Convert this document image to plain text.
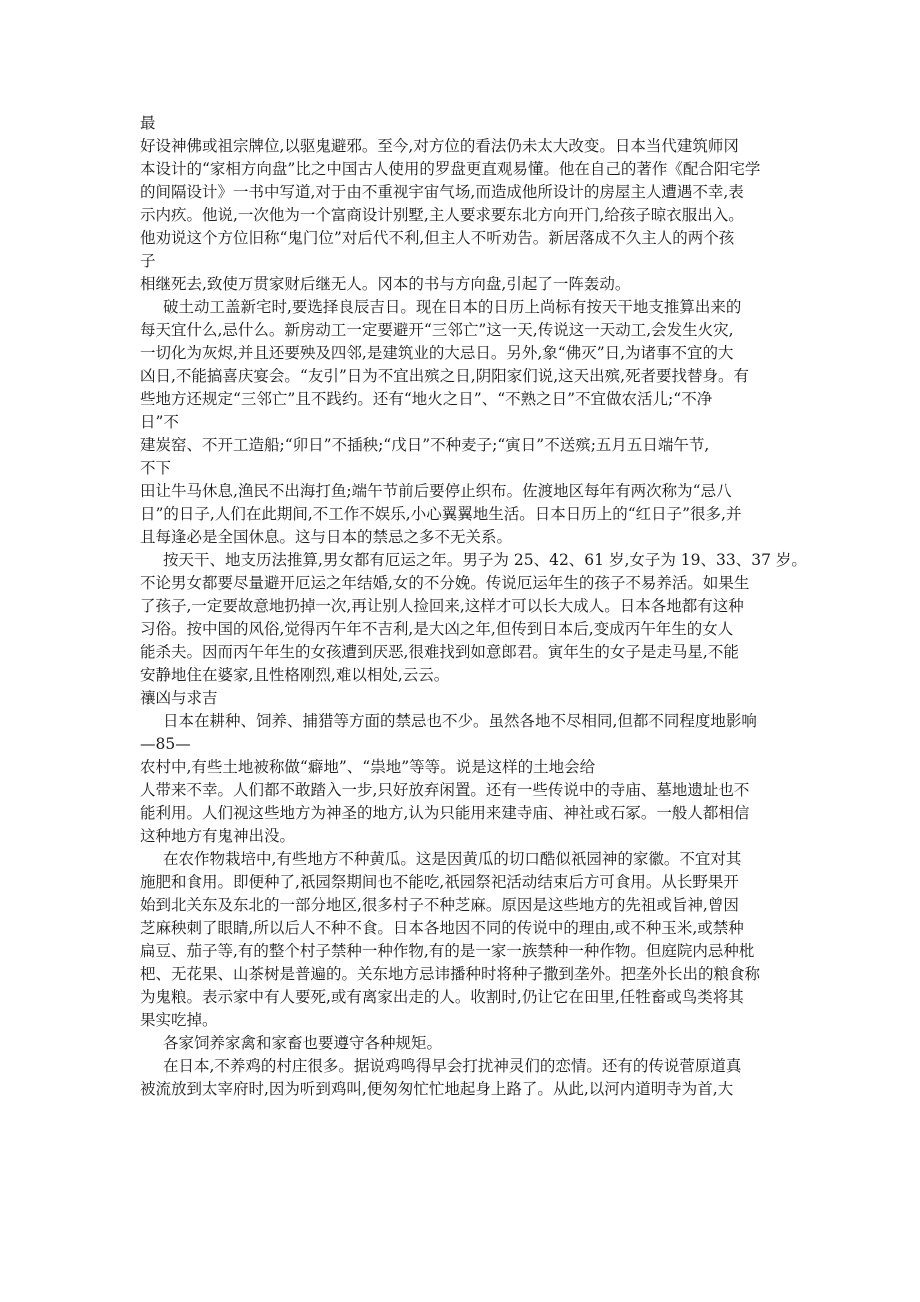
最
好设神佛或祖宗牌位,以驱鬼避邪。至今,对方位的看法仍未太大改变。日本当代建筑师冈
本设计的“家相方向盘”比之中国古人使用的罗盘更直观易懂。他在自己的著作《配合阳宅学
的间隔设计》一书中写道,对于由不重视宇宙气场,而造成他所设计的房屋主人遭遇不幸,表
示内疚。他说,一次他为一个富商设计别墅,主人要求要东北方向开门,给孩子晾衣服出入。
他劝说这个方位旧称“鬼门位”对后代不利,但主人不听劝告。新居落成不久主人的两个孩
子
相继死去,致使万贯家财后继无人。冈本的书与方向盘,引起了一阵轰动。
破土动工盖新宅时,要选择良辰吉日。现在日本的日历上尚标有按天干地支推算出来的
每天宜什么,忌什么。新房动工一定要避开“三邻亡”这一天,传说这一天动工,会发生火灾,
一切化为灰烬,并且还要殃及四邻,是建筑业的大忌日。另外,象“佛灭”日,为诸事不宜的大
凶日,不能搞喜庆宴会。“友引”日为不宜出殡之日,阴阳家们说,这天出殡,死者要找替身。有
些地方还规定“三邻亡”且不践约。还有“地火之日”、“不熟之日”不宜做农活儿;“不净
日”不
建炭窑、不开工造船;“卯日”不插秧;“戊日”不种麦子;“寅日”不送殡;五月五日端午节,
不下
田让牛马休息,渔民不出海打鱼;端午节前后要停止织布。佐渡地区每年有两次称为“忌八
日”的日子,人们在此期间,不工作不娱乐,小心翼翼地生活。日本日历上的“红日子”很多,并
且每逢必是全国休息。这与日本的禁忌之多不无关系。
按天干、地支历法推算,男女都有厄运之年。男子为 25、42、61 岁,女子为 19、33、37 岁。
不论男女都要尽量避开厄运之年结婚,女的不分娩。传说厄运年生的孩子不易养活。如果生
了孩子,一定要故意地扔掉一次,再让别人捡回来,这样才可以长大成人。日本各地都有这种
习俗。按中国的风俗,觉得丙午年不吉利,是大凶之年,但传到日本后,变成丙午年生的女人
能杀夫。因而丙午年生的女孩遭到厌恶,很难找到如意郎君。寅年生的女子是走马星,不能
安静地住在婆家,且性格刚烈,难以相处,云云。
禳凶与求吉
日本在耕种、饲养、捕猎等方面的禁忌也不少。虽然各地不尽相同,但都不同程度地影响
—85—
农村中,有些土地被称做“癖地”、“祟地”等等。说是这样的土地会给
人带来不幸。人们都不敢踏入一步,只好放弃闲置。还有一些传说中的寺庙、墓地遗址也不
能利用。人们视这些地方为神圣的地方,认为只能用来建寺庙、神社或石冢。一般人都相信
这种地方有鬼神出没。
在农作物栽培中,有些地方不种黄瓜。这是因黄瓜的切口酷似祇园神的家徽。不宜对其
施肥和食用。即便种了,祇园祭期间也不能吃,祇园祭祀活动结束后方可食用。从长野果开
始到北关东及东北的一部分地区,很多村子不种芝麻。原因是这些地方的先祖或旨神,曾因
芝麻秧刺了眼睛,所以后人不种不食。日本各地因不同的传说中的理由,或不种玉米,或禁种
扁豆、茄子等,有的整个村子禁种一种作物,有的是一家一族禁种一种作物。但庭院内忌种枇
杷、无花果、山茶树是普遍的。关东地方忌讳播种时将种子撒到垄外。把垄外长出的粮食称
为鬼粮。表示家中有人要死,或有离家出走的人。收割时,仍让它在田里,任牲畜或鸟类将其
果实吃掉。
各家饲养家禽和家畜也要遵守各种规矩。
在日本,不养鸡的村庄很多。据说鸡鸣得早会打扰神灵们的恋情。还有的传说菅原道真
被流放到太宰府时,因为听到鸡叫,便匆匆忙忙地起身上路了。从此,以河内道明寺为首,大
